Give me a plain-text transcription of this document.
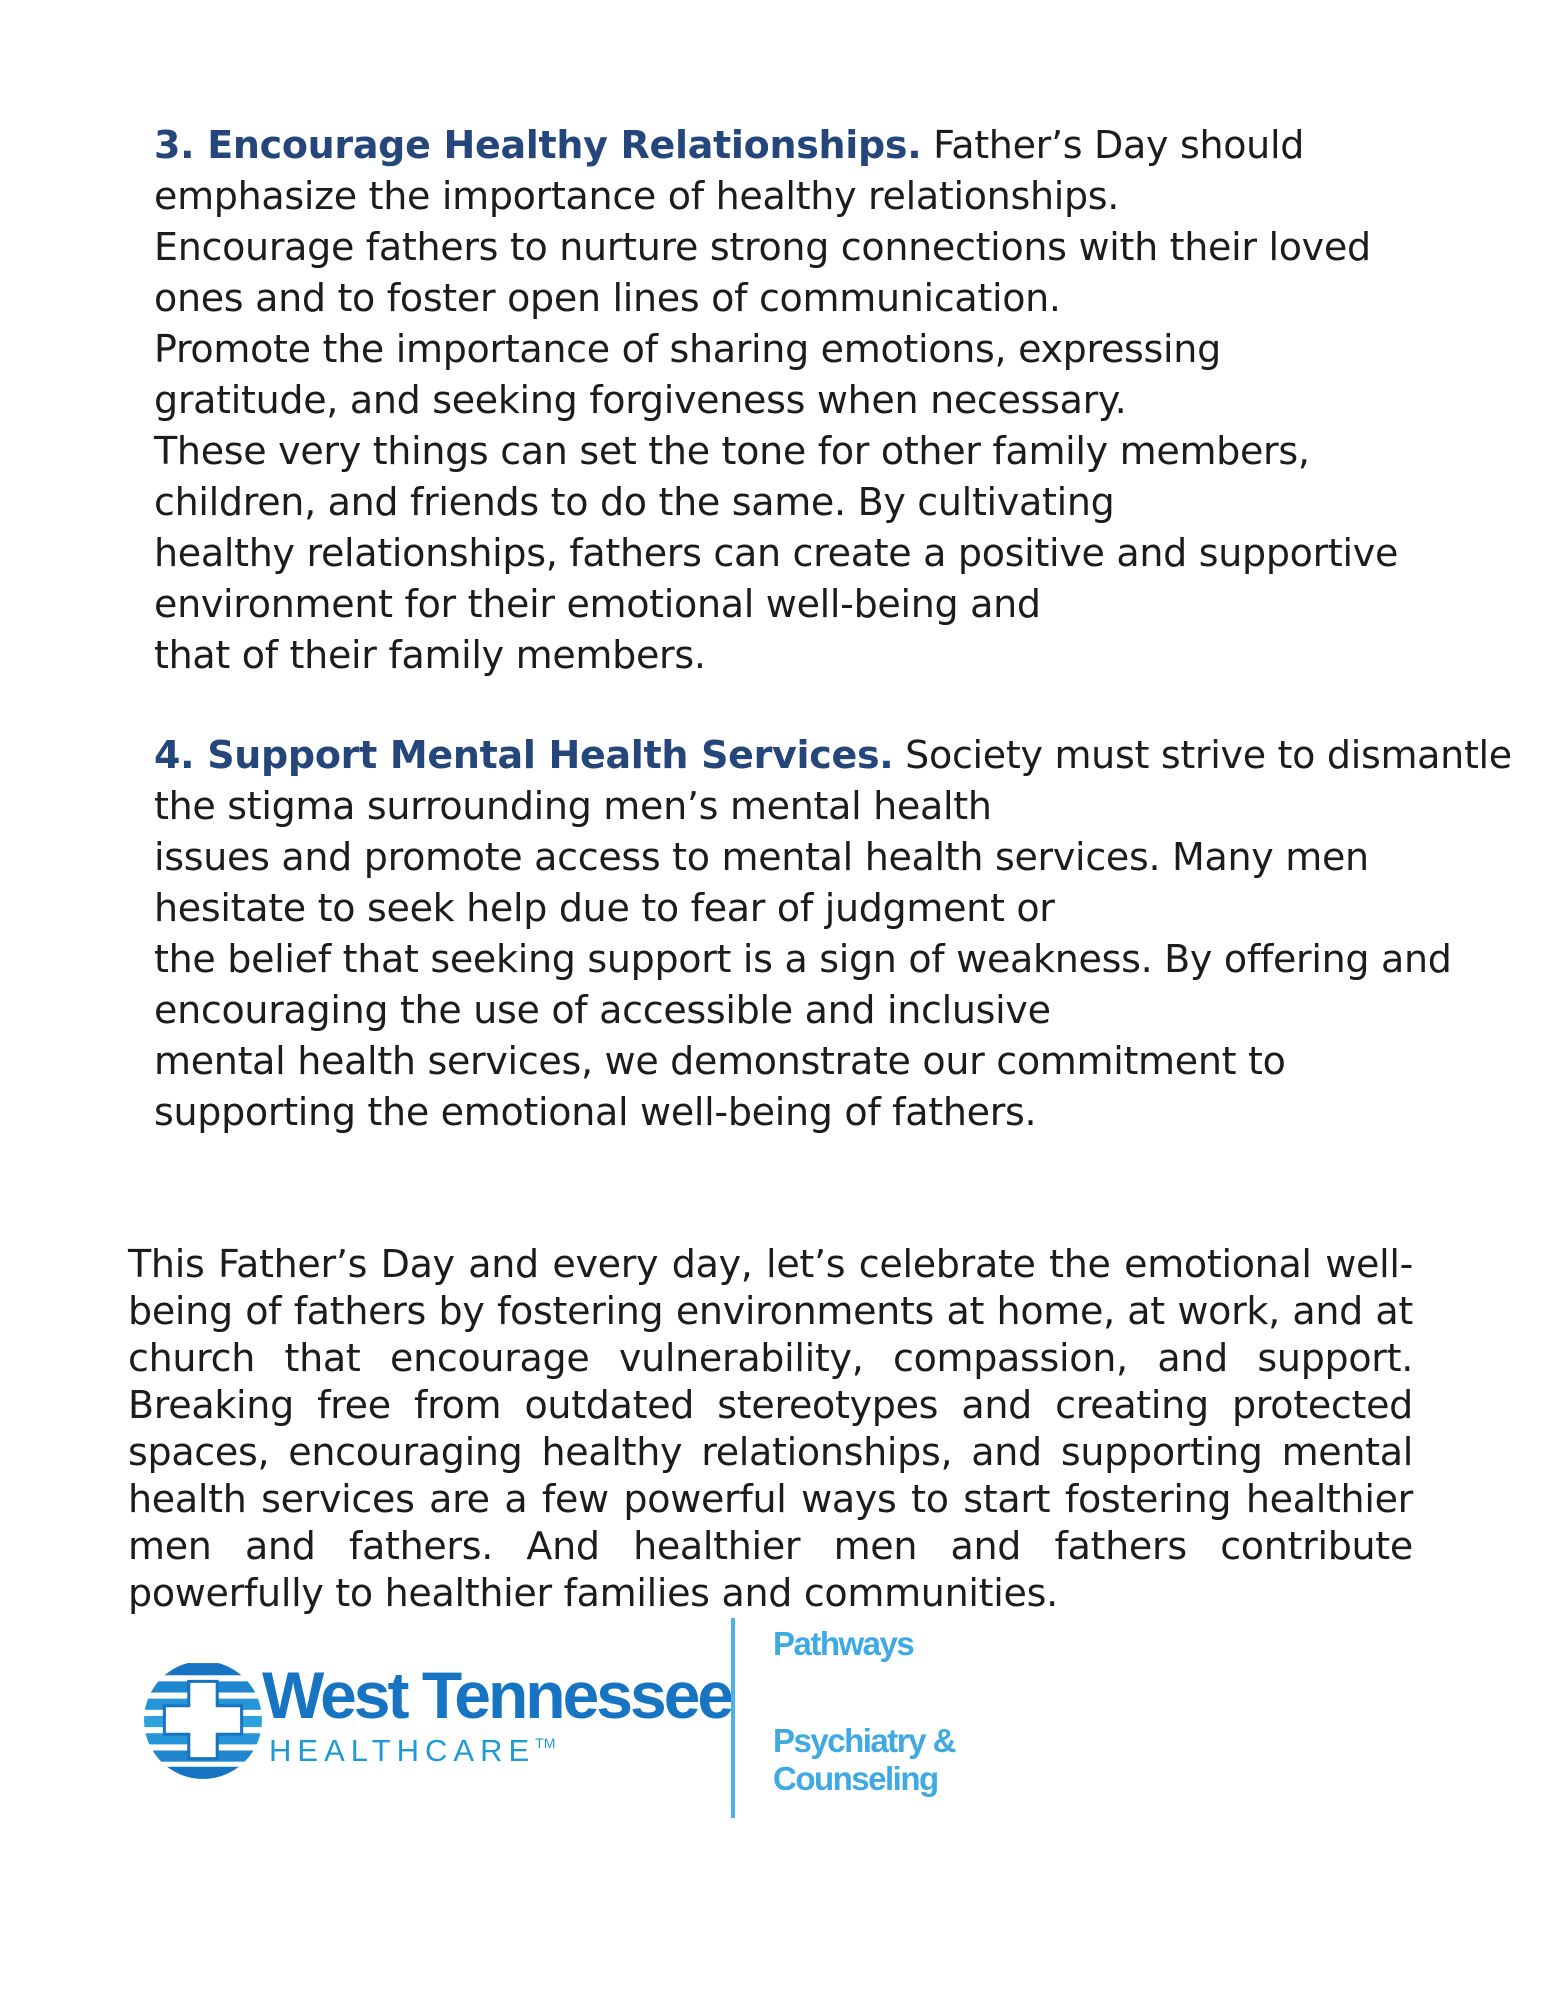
3. Encourage Healthy Relationships. Father’s Day should
emphasize the importance of healthy relationships.
Encourage fathers to nurture strong connections with their loved
ones and to foster open lines of communication.
Promote the importance of sharing emotions, expressing
gratitude, and seeking forgiveness when necessary.
These very things can set the tone for other family members,
children, and friends to do the same. By cultivating
healthy relationships, fathers can create a positive and supportive
environment for their emotional well-being and
that of their family members.
4. Support Mental Health Services. Society must strive to dismantle
the stigma surrounding men’s mental health
issues and promote access to mental health services. Many men
hesitate to seek help due to fear of judgment or
the belief that seeking support is a sign of weakness. By offering and
encouraging the use of accessible and inclusive
mental health services, we demonstrate our commitment to
supporting the emotional well-being of fathers.

This Father’s Day and every day, let’s celebrate the emotional well-being of fathers by fostering environments at home, at work, and at church that encourage vulnerability, compassion, and support. Breaking free from outdated stereotypes and creating protected spaces, encouraging healthy relationships, and supporting mental health services are a few powerful ways to start fostering healthier men and fathers. And healthier men and fathers contribute powerfully to healthier families and communities.

West Tennessee
HEALTHCARE™
Pathways
Psychiatry &
Counseling
